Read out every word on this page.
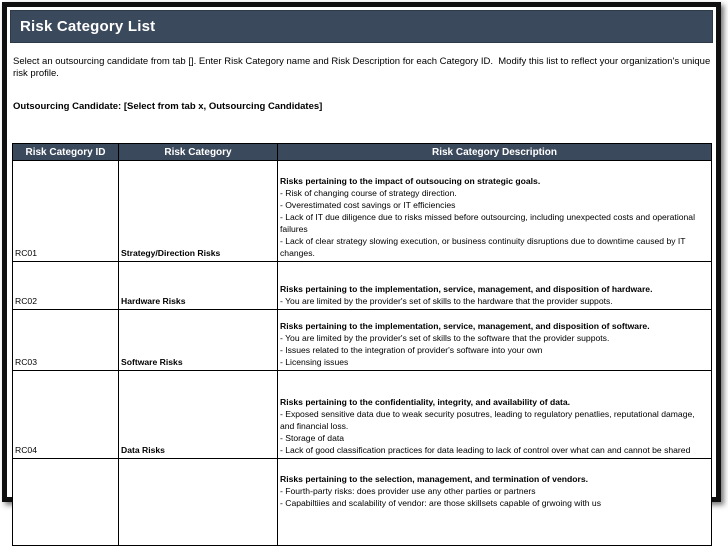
Risk Category List
Select an outsourcing candidate from tab []. Enter Risk Category name and Risk Description for each Category ID.  Modify this list to reflect your organization's unique risk profile.
Outsourcing Candidate: [Select from tab x, Outsourcing Candidates]
Risk Category ID	Risk Category	Risk Category Description
RC01	Strategy/Direction Risks	Risks pertaining to the impact of outsoucing on strategic goals.
- Risk of changing course of strategy direction.
- Overestimated cost savings or IT efficiencies
- Lack of IT due diligence due to risks missed before outsourcing, including unexpected costs and operational failures
- Lack of clear strategy slowing execution, or business continuity disruptions due to downtime caused by IT changes.

RC02	Hardware Risks	Risks pertaining to the implementation, service, management, and disposition of hardware.
- You are limited by the provider's set of skills to the hardware that the provider suppots.

RC03	Software Risks	Risks pertaining to the implementation, service, management, and disposition of software.
- You are limited by the provider's set of skills to the software that the provider suppots.
- Issues related to the integration of provider's software into your own
- Licensing issues

RC04	Data Risks	Risks pertaining to the confidentiality, integrity, and availability of data.
- Exposed sensitive data due to weak security posutres, leading to regulatory penatlies, reputational damage, and financial loss.
- Storage of data
- Lack of good classification practices for data leading to lack of control over what can and cannot be shared

		Risks pertaining to the selection, management, and termination of vendors.
- Fourth-party risks: does provider use any other parties or partners
- Capabiltiies and scalability of vendor: are those skillsets capable of grwoing with us
